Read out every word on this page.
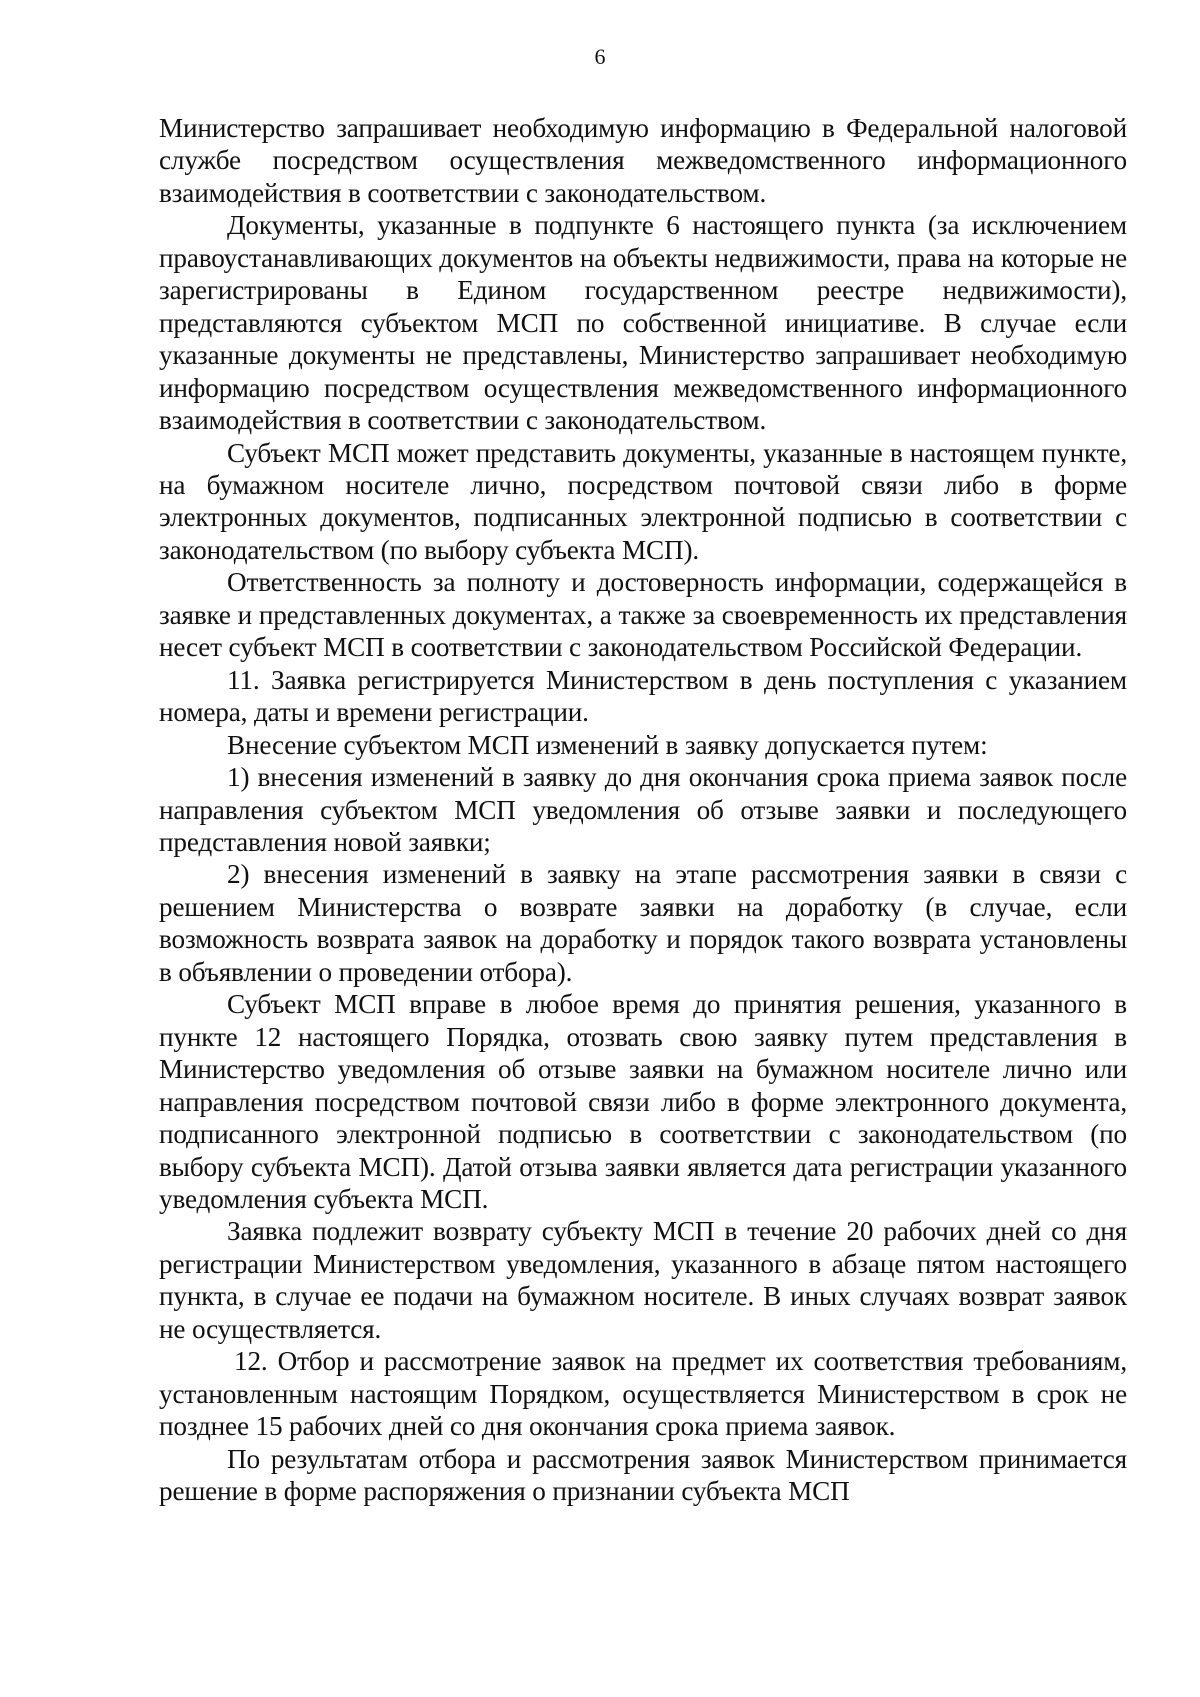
6

Министерство запрашивает необходимую информацию в Федеральной налоговой службе посредством осуществления межведомственного информационного взаимодействия в соответствии с законодательством.

Документы, указанные в подпункте 6 настоящего пункта (за исключением правоустанавливающих документов на объекты недвижимости, права на которые не зарегистрированы в Едином государственном реестре недвижимости), представляются субъектом МСП по собственной инициативе. В случае если указанные документы не представлены, Министерство запрашивает необходимую информацию посредством осуществления межведомственного информационного взаимодействия в соответствии с законодательством.

Субъект МСП может представить документы, указанные в настоящем пункте, на бумажном носителе лично, посредством почтовой связи либо в форме электронных документов, подписанных электронной подписью в соответствии с законодательством (по выбору субъекта МСП).

Ответственность за полноту и достоверность информации, содержащейся в заявке и представленных документах, а также за своевременность их представления несет субъект МСП в соответствии с законодательством Российской Федерации.

11. Заявка регистрируется Министерством в день поступления с указанием номера, даты и времени регистрации.

Внесение субъектом МСП изменений в заявку допускается путем:

1) внесения изменений в заявку до дня окончания срока приема заявок после направления субъектом МСП уведомления об отзыве заявки и последующего представления новой заявки;

2) внесения изменений в заявку на этапе рассмотрения заявки в связи с решением Министерства о возврате заявки на доработку (в случае, если возможность возврата заявок на доработку и порядок такого возврата установлены в объявлении о проведении отбора).

Субъект МСП вправе в любое время до принятия решения, указанного в пункте 12 настоящего Порядка, отозвать свою заявку путем представления в Министерство уведомления об отзыве заявки на бумажном носителе лично или направления посредством почтовой связи либо в форме электронного документа, подписанного электронной подписью в соответствии с законодательством (по выбору субъекта МСП). Датой отзыва заявки является дата регистрации указанного уведомления субъекта МСП.

Заявка подлежит возврату субъекту МСП в течение 20 рабочих дней со дня регистрации Министерством уведомления, указанного в абзаце пятом настоящего пункта, в случае ее подачи на бумажном носителе. В иных случаях возврат заявок не осуществляется.

12. Отбор и рассмотрение заявок на предмет их соответствия требованиям, установленным настоящим Порядком, осуществляется Министерством в срок не позднее 15 рабочих дней со дня окончания срока приема заявок.

По результатам отбора и рассмотрения заявок Министерством принимается решение в форме распоряжения о признании субъекта МСП
